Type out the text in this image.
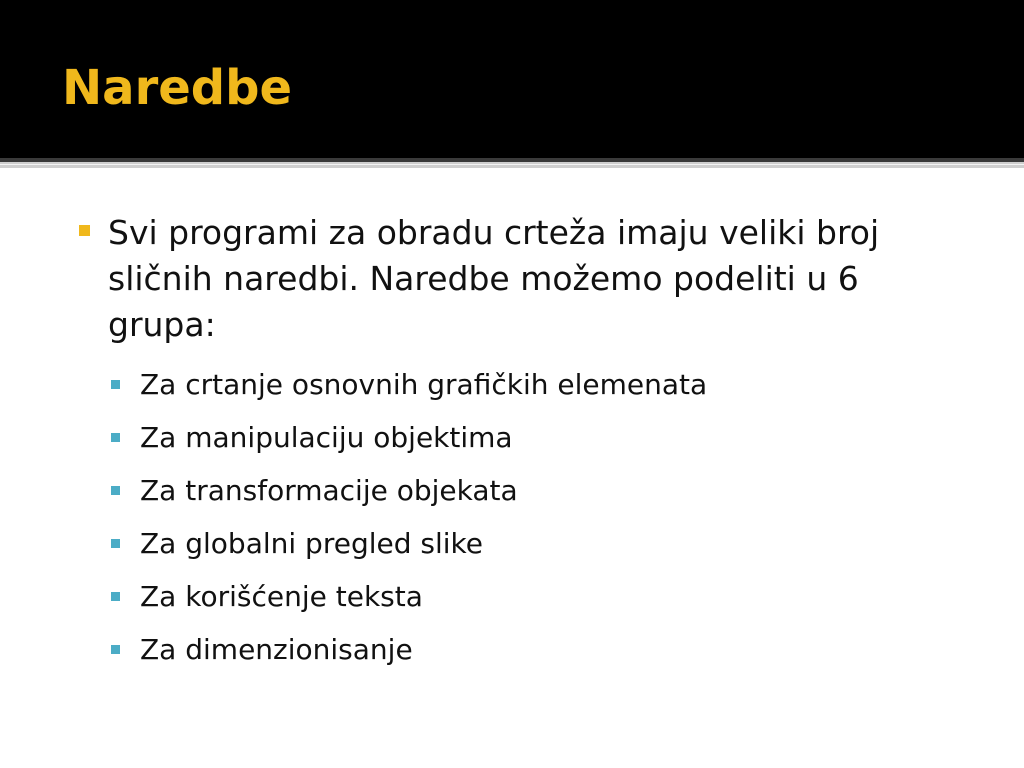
Naredbe
Svi programi za obradu crteža imaju veliki broj sličnih naredbi. Naredbe možemo podeliti u 6 grupa:
Za crtanje osnovnih grafičkih elemenata
Za manipulaciju objektima
Za transformacije objekata
Za globalni pregled slike
Za korišćenje teksta
Za dimenzionisanje
